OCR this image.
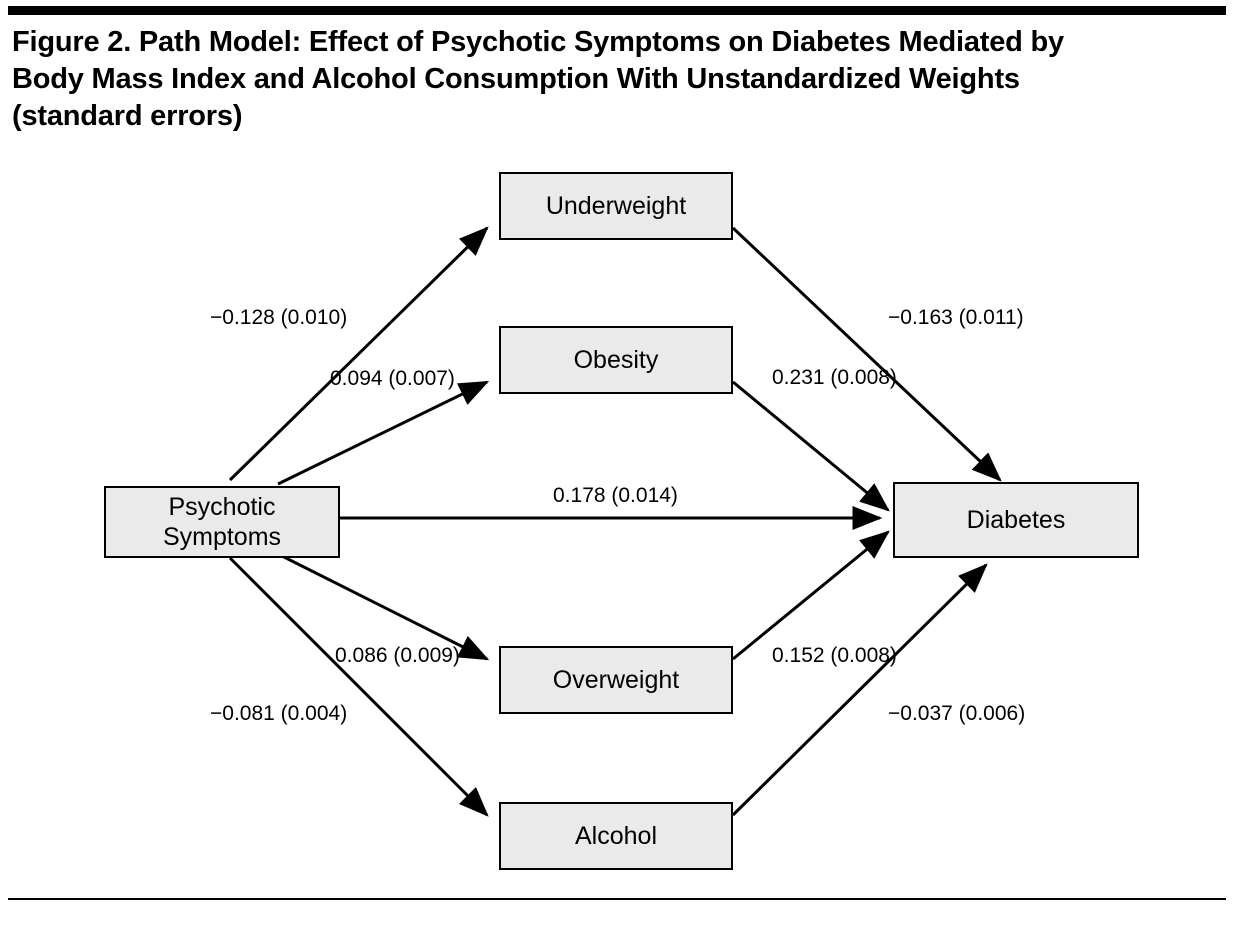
Figure 2. Path Model: Effect of Psychotic Symptoms on Diabetes Mediated by Body Mass Index and Alcohol Consumption With Unstandardized Weights (standard errors)
Psychotic
Symptoms
Underweight
Obesity
Overweight
Alcohol
Diabetes
−0.128 (0.010)
0.094 (0.007)
0.178 (0.014)
0.086 (0.009)
−0.081 (0.004)
−0.163 (0.011)
0.231 (0.008)
0.152 (0.008)
−0.037 (0.006)
